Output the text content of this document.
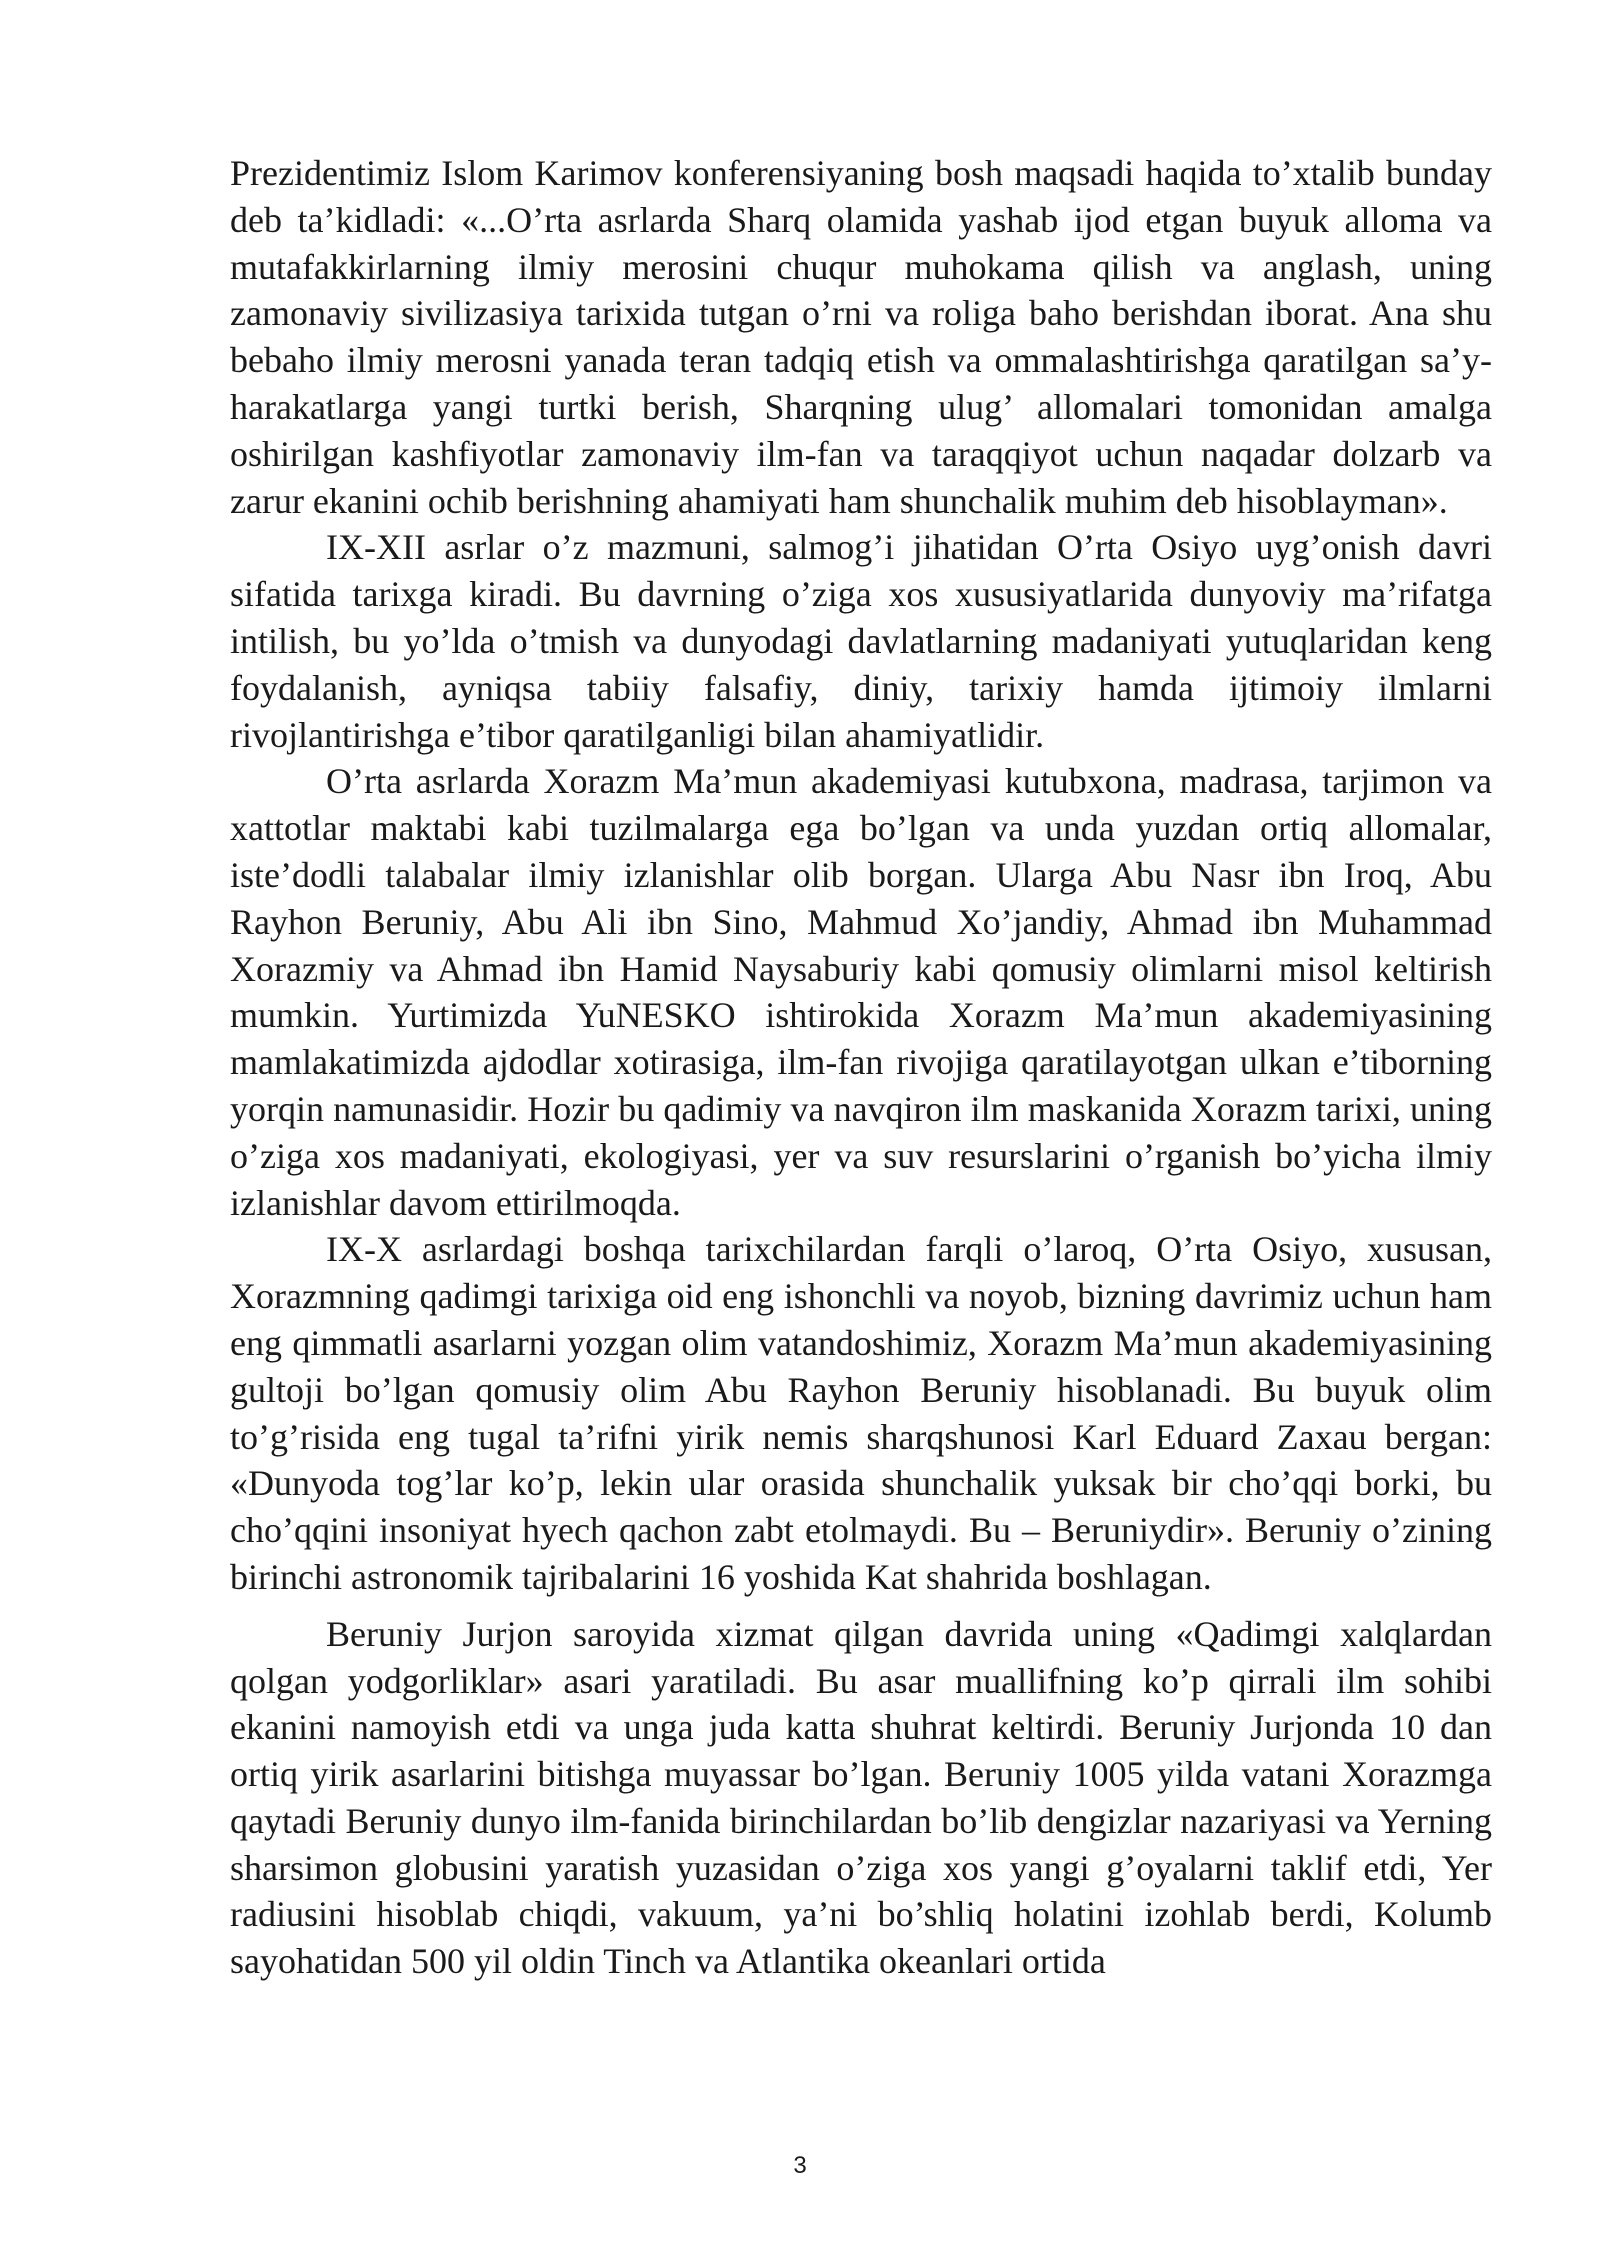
Prezidentimiz Islom Karimov konferensiyaning bosh maqsadi haqida to’xtalib bunday deb ta’kidladi: «...O’rta asrlarda Sharq olamida yashab ijod etgan buyuk alloma va mutafakkirlarning ilmiy merosini chuqur muhokama qilish va anglash, uning zamonaviy sivilizasiya tarixida tutgan o’rni va roliga baho berishdan iborat. Ana shu bebaho ilmiy merosni yanada teran tadqiq etish va ommalashtirishga qaratilgan sa’y-harakatlarga yangi turtki berish, Sharqning ulug’ allomalari tomonidan amalga oshirilgan kashfiyotlar zamonaviy ilm-fan va taraqqiyot uchun naqadar dolzarb va zarur ekanini ochib berishning ahamiyati ham shunchalik muhim deb hisoblayman».

IX-XII asrlar o’z mazmuni, salmog’i jihatidan O’rta Osiyo uyg’onish davri sifatida tarixga kiradi. Bu davrning o’ziga xos xususiyatlarida dunyoviy ma’rifatga intilish, bu yo’lda o’tmish va dunyodagi davlatlarning madaniyati yutuqlaridan keng foydalanish, ayniqsa tabiiy falsafiy, diniy, tarixiy hamda ijtimoiy ilmlarni rivojlantirishga e’tibor qaratilganligi bilan ahamiyatlidir.

O’rta asrlarda Xorazm Ma’mun akademiyasi kutubxona, madrasa, tarjimon va xattotlar maktabi kabi tuzilmalarga ega bo’lgan va unda yuzdan ortiq allomalar, iste’dodli talabalar ilmiy izlanishlar olib borgan. Ularga Abu Nasr ibn Iroq, Abu Rayhon Beruniy, Abu Ali ibn Sino, Mahmud Xo’jandiy, Ahmad ibn Muhammad Xorazmiy va Ahmad ibn Hamid Naysaburiy kabi qomusiy olimlarni misol keltirish mumkin. Yurtimizda YuNESKO ishtirokida Xorazm Ma’mun akademiyasining mamlakatimizda ajdodlar xotirasiga, ilm-fan rivojiga qaratilayotgan ulkan e’tiborning yorqin namunasidir. Hozir bu qadimiy va navqiron ilm maskanida Xorazm tarixi, uning o’ziga xos madaniyati, ekologiyasi, yer va suv resurslarini o’rganish bo’yicha ilmiy izlanishlar davom ettirilmoqda.

IX-X asrlardagi boshqa tarixchilardan farqli o’laroq, O’rta Osiyo, xususan, Xorazmning qadimgi tarixiga oid eng ishonchli va noyob, bizning davrimiz uchun ham eng qimmatli asarlarni yozgan olim vatandoshimiz, Xorazm Ma’mun akademiyasining gultoji bo’lgan qomusiy olim Abu Rayhon Beruniy hisoblanadi. Bu buyuk olim to’g’risida eng tugal ta’rifni yirik nemis sharqshunosi Karl Eduard Zaxau bergan: «Dunyoda tog’lar ko’p, lekin ular orasida shunchalik yuksak bir cho’qqi borki, bu cho’qqini insoniyat hyech qachon zabt etolmaydi. Bu – Beruniydir». Beruniy o’zining birinchi astronomik tajribalarini 16 yoshida Kat shahrida boshlagan.

Beruniy Jurjon saroyida xizmat qilgan davrida uning «Qadimgi xalqlardan qolgan yodgorliklar» asari yaratiladi. Bu asar muallifning ko’p qirrali ilm sohibi ekanini namoyish etdi va unga juda katta shuhrat keltirdi. Beruniy Jurjonda 10 dan ortiq yirik asarlarini bitishga muyassar bo’lgan. Beruniy 1005 yilda vatani Xorazmga qaytadi Beruniy dunyo ilm-fanida birinchilardan bo’lib dengizlar nazariyasi va Yerning sharsimon globusini yaratish yuzasidan o’ziga xos yangi g’oyalarni taklif etdi, Yer radiusini hisoblab chiqdi, vakuum, ya’ni bo’shliq holatini izohlab berdi, Kolumb sayohatidan 500 yil oldin Tinch va Atlantika okeanlari ortida

3
